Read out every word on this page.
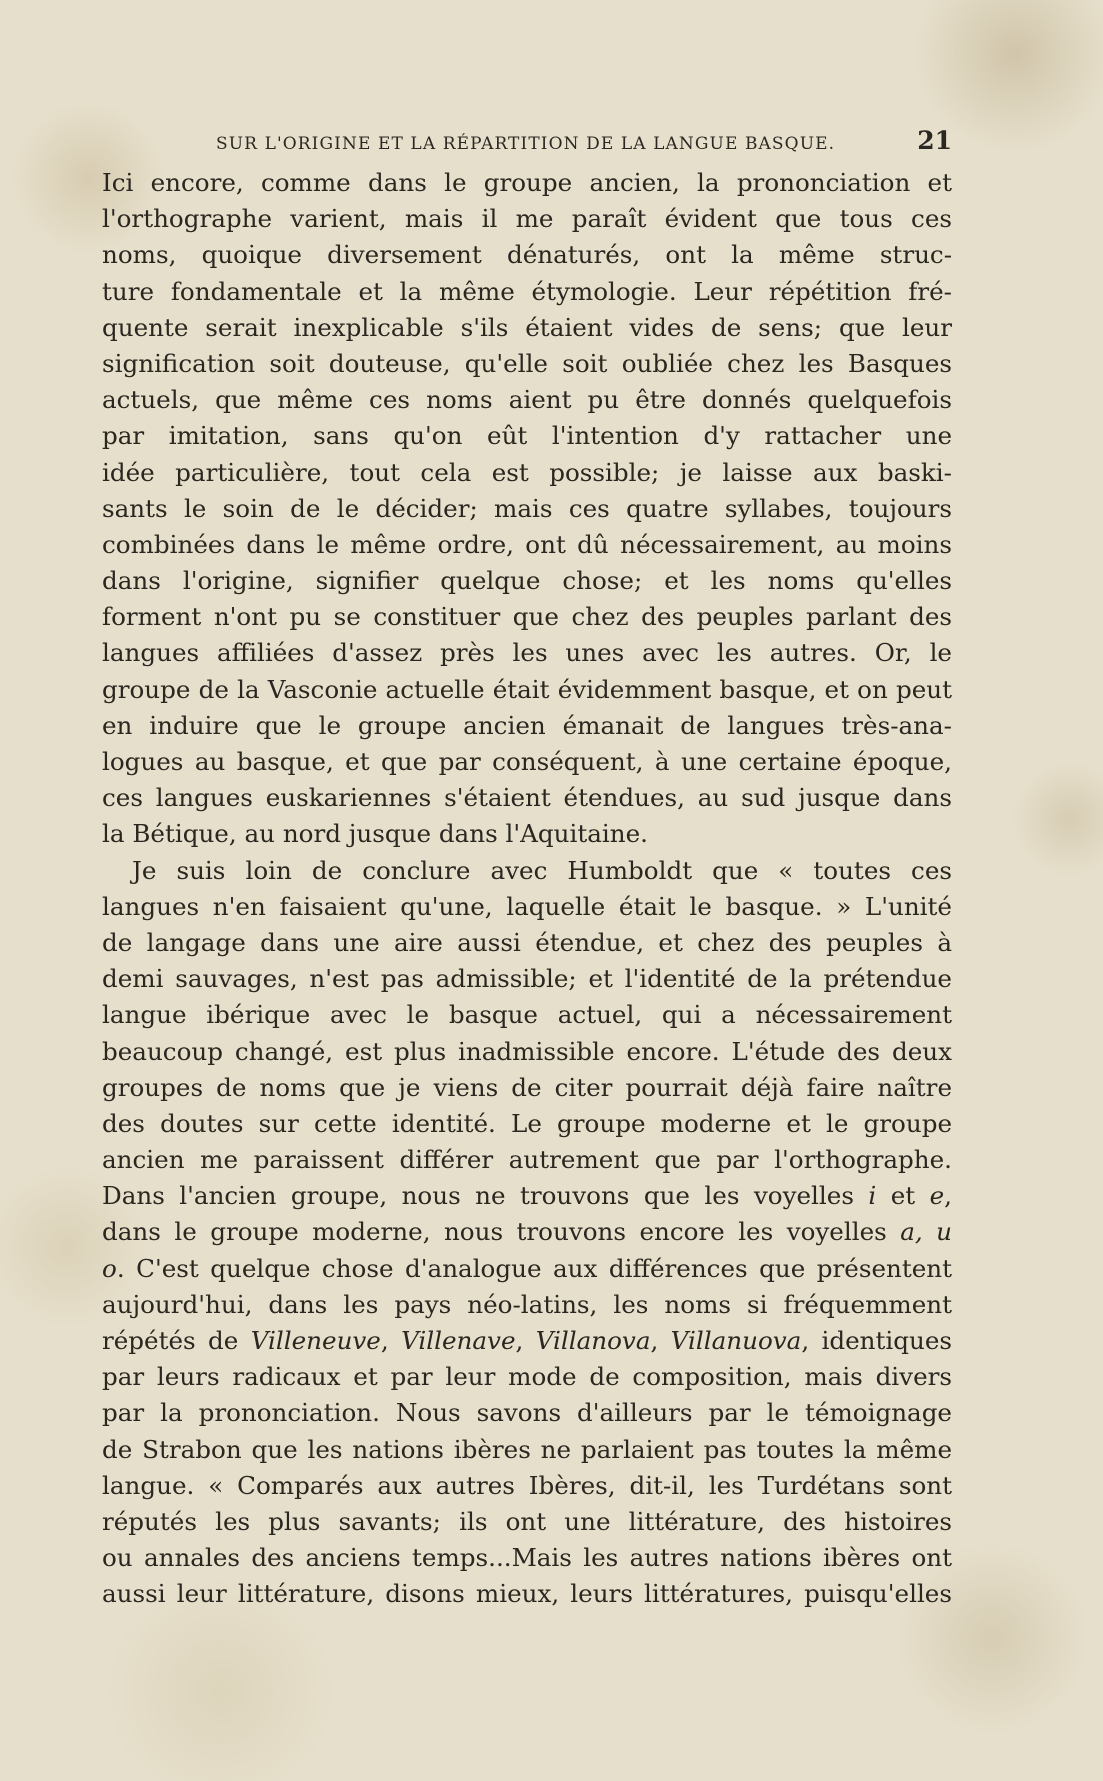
SUR L'ORIGINE ET LA RÉPARTITION DE LA LANGUE BASQUE.	21
Ici encore, comme dans le groupe ancien, la prononciation et
l'orthographe varient, mais il me paraît évident que tous ces
noms, quoique diversement dénaturés, ont la même struc-
ture fondamentale et la même étymologie. Leur répétition fré-
quente serait inexplicable s'ils étaient vides de sens; que leur
signification soit douteuse, qu'elle soit oubliée chez les Basques
actuels, que même ces noms aient pu être donnés quelquefois
par imitation, sans qu'on eût l'intention d'y rattacher une
idée particulière, tout cela est possible; je laisse aux baski-
sants le soin de le décider; mais ces quatre syllabes, toujours
combinées dans le même ordre, ont dû nécessairement, au moins
dans l'origine, signifier quelque chose; et les noms qu'elles
forment n'ont pu se constituer que chez des peuples parlant des
langues affiliées d'assez près les unes avec les autres. Or, le
groupe de la Vasconie actuelle était évidemment basque, et on peut
en induire que le groupe ancien émanait de langues très-ana-
logues au basque, et que par conséquent, à une certaine époque,
ces langues euskariennes s'étaient étendues, au sud jusque dans
la Bétique, au nord jusque dans l'Aquitaine.
Je suis loin de conclure avec Humboldt que « toutes ces
langues n'en faisaient qu'une, laquelle était le basque. » L'unité
de langage dans une aire aussi étendue, et chez des peuples à
demi sauvages, n'est pas admissible; et l'identité de la prétendue
langue ibérique avec le basque actuel, qui a nécessairement
beaucoup changé, est plus inadmissible encore. L'étude des deux
groupes de noms que je viens de citer pourrait déjà faire naître
des doutes sur cette identité. Le groupe moderne et le groupe
ancien me paraissent différer autrement que par l'orthographe.
Dans l'ancien groupe, nous ne trouvons que les voyelles i et e,
dans le groupe moderne, nous trouvons encore les voyelles a, u
o. C'est quelque chose d'analogue aux différences que présentent
aujourd'hui, dans les pays néo-latins, les noms si fréquemment
répétés de Villeneuve, Villenave, Villanova, Villanuova, identiques
par leurs radicaux et par leur mode de composition, mais divers
par la prononciation. Nous savons d'ailleurs par le témoignage
de Strabon que les nations ibères ne parlaient pas toutes la même
langue. « Comparés aux autres Ibères, dit-il, les Turdétans sont
réputés les plus savants; ils ont une littérature, des histoires
ou annales des anciens temps...Mais les autres nations ibères ont
aussi leur littérature, disons mieux, leurs littératures, puisqu'elles
